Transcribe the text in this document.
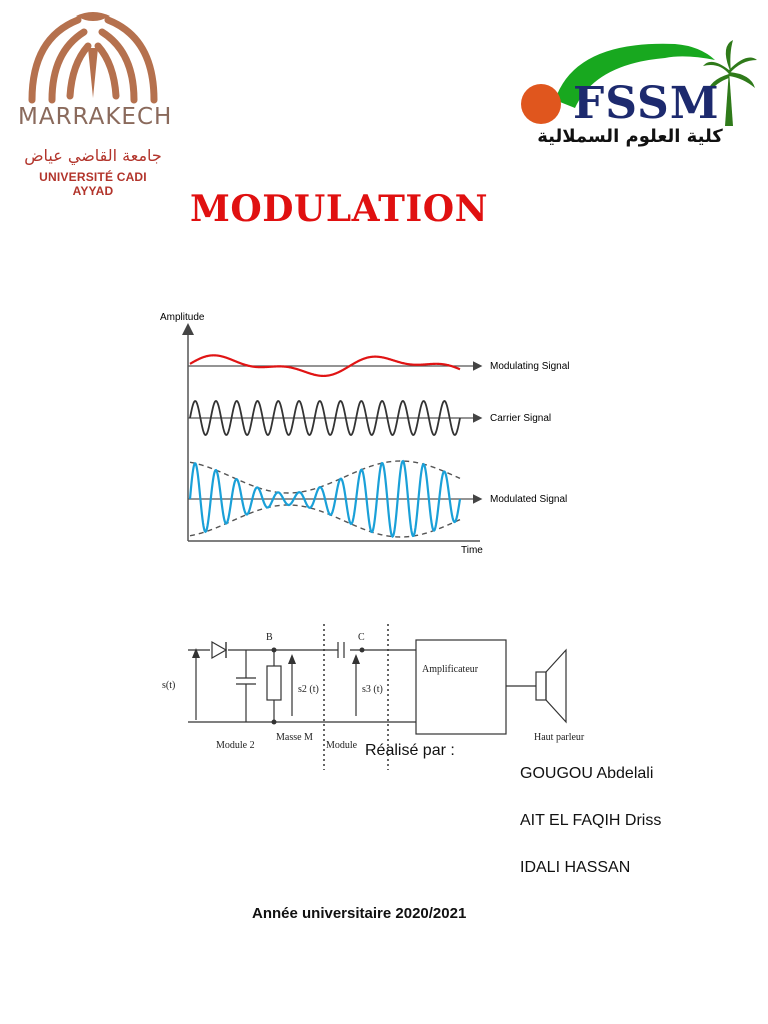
MARRAKECH
جامعة القاضي عياض
UNIVERSITÉ CADI AYYAD
FSSM
كلية العلوم السملالية
MODULATION
Amplitude
Time
Modulating Signal
Carrier Signal
Modulated Signal
s(t)
B	C
s2 (t)	s3 (t)
Amplificateur
Haut parleur
Module 2
Masse M
Module Réalisé par :
GOUGOU Abdelali
AIT EL FAQIH Driss
IDALI HASSAN
Année universitaire 2020/2021
